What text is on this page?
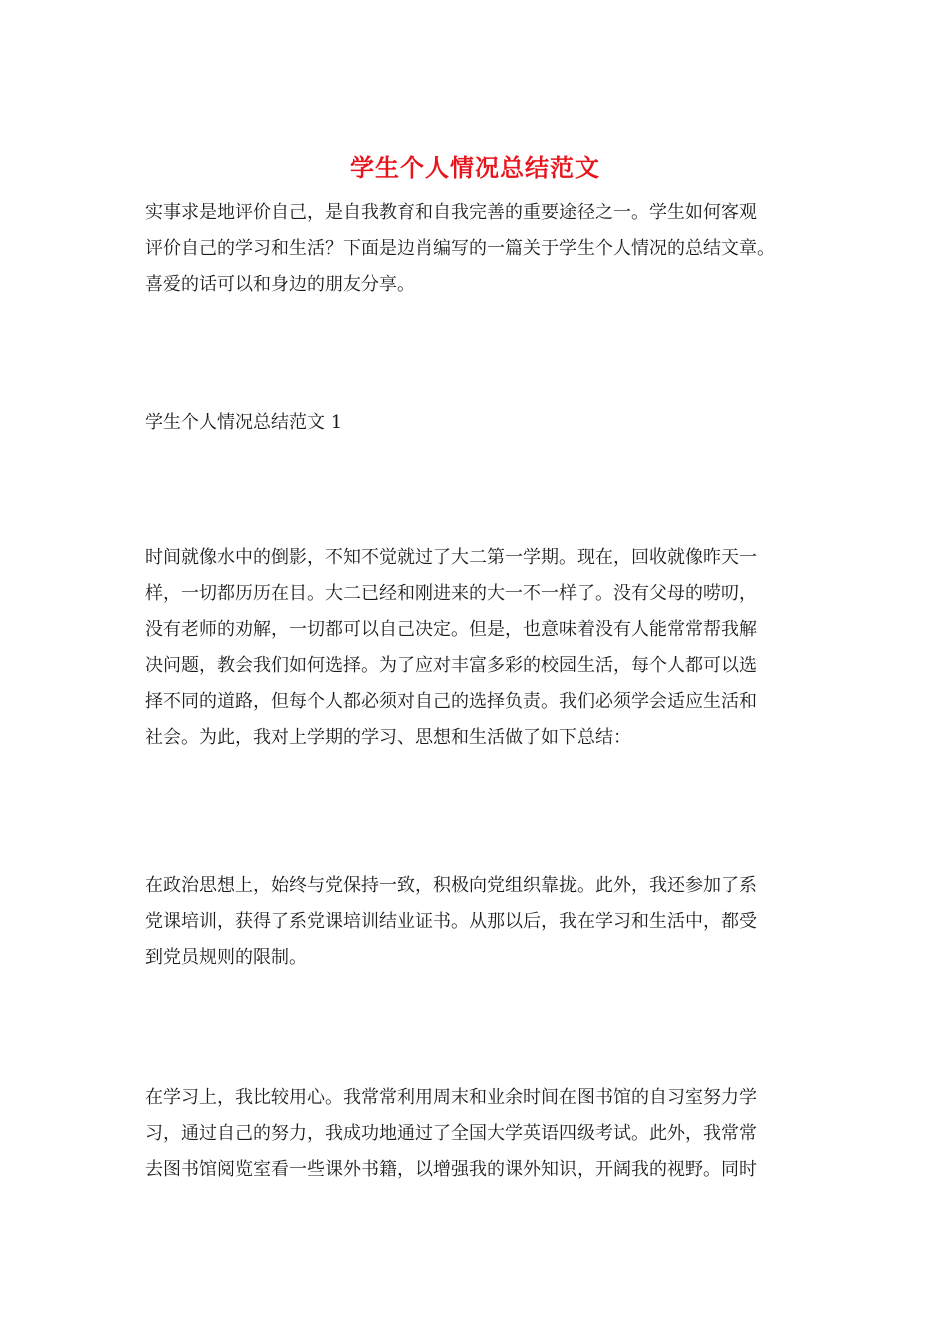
学生个人情况总结范文

实事求是地评价自己，是自我教育和自我完善的重要途径之一。学生如何客观

评价自己的学习和生活？下面是边肖编写的一篇关于学生个人情况的总结文章。

喜爱的话可以和身边的朋友分享。

学生个人情况总结范文 1

时间就像水中的倒影，不知不觉就过了大二第一学期。现在，回收就像昨天一

样，一切都历历在目。大二已经和刚进来的大一不一样了。没有父母的唠叨，

没有老师的劝解，一切都可以自己决定。但是，也意味着没有人能常常帮我解

决问题，教会我们如何选择。为了应对丰富多彩的校园生活，每个人都可以选

择不同的道路，但每个人都必须对自己的选择负责。我们必须学会适应生活和

社会。为此，我对上学期的学习、思想和生活做了如下总结：

在政治思想上，始终与党保持一致，积极向党组织靠拢。此外，我还参加了系

党课培训，获得了系党课培训结业证书。从那以后，我在学习和生活中，都受

到党员规则的限制。

在学习上，我比较用心。我常常利用周末和业余时间在图书馆的自习室努力学

习，通过自己的努力，我成功地通过了全国大学英语四级考试。此外，我常常

去图书馆阅览室看一些课外书籍，以增强我的课外知识，开阔我的视野。同时
